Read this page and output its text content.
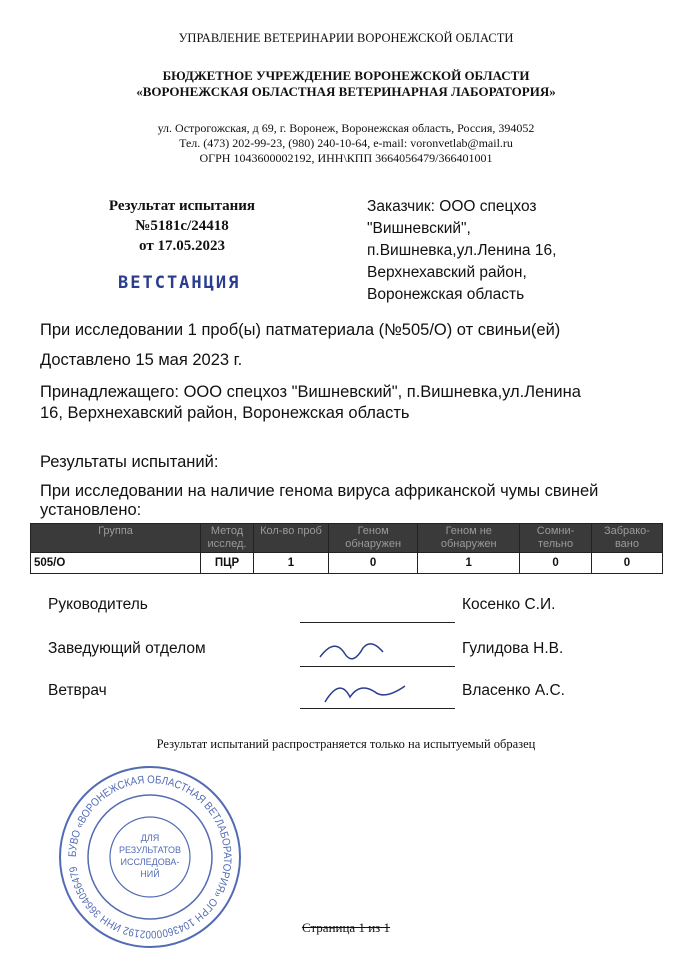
УПРАВЛЕНИЕ ВЕТЕРИНАРИИ ВОРОНЕЖСКОЙ ОБЛАСТИ
БЮДЖЕТНОЕ УЧРЕЖДЕНИЕ ВОРОНЕЖСКОЙ ОБЛАСТИ
«ВОРОНЕЖСКАЯ ОБЛАСТНАЯ ВЕТЕРИНАРНАЯ ЛАБОРАТОРИЯ»
ул. Острогожская, д 69, г. Воронеж, Воронежская область, Россия, 394052
Тел. (473) 202-99-23, (980) 240-10-64, e-mail: voronvetlab@mail.ru
ОГРН 1043600002192, ИНН\КПП 3664056479/366401001
Результат испытания
№5181с/24418
от 17.05.2023
ВЕТСТАНЦИЯ
Заказчик: ООО спецхоз
"Вишневский",
п.Вишневка,ул.Ленина 16,
Верхнехавский район,
Воронежская область
При исследовании 1 проб(ы) патматериала (№505/О) от свиньи(ей)
Доставлено 15 мая 2023 г.
Принадлежащего: ООО спецхоз "Вишневский", п.Вишневка,ул.Ленина 16, Верхнехавский район, Воронежская область
Результаты испытаний:
При исследовании на наличие генома вируса африканской чумы свиней установлено:
Группа	Метод исслед.	Кол-во проб	Геном обнаружен	Геном не обнаружен	Сомни-тельно	Забрако-вано
505/О	ПЦР	1	0	1	0	0
Руководитель	Косенко С.И.
Заведующий отделом	Гулидова Н.В.
Ветврач	Власенко А.С.
Результат испытаний распространяется только на испытуемый образец
БУВО «ВОРОНЕЖСКАЯ ОБЛАСТНАЯ ВЕТЛАБОРАТОРИЯ» ОГРН 1043600002192 ИНН 3664056479
ДЛЯ
РЕЗУЛЬТАТОВ
ИССЛЕДОВА-
НИЙ
Страница 1 из 1
